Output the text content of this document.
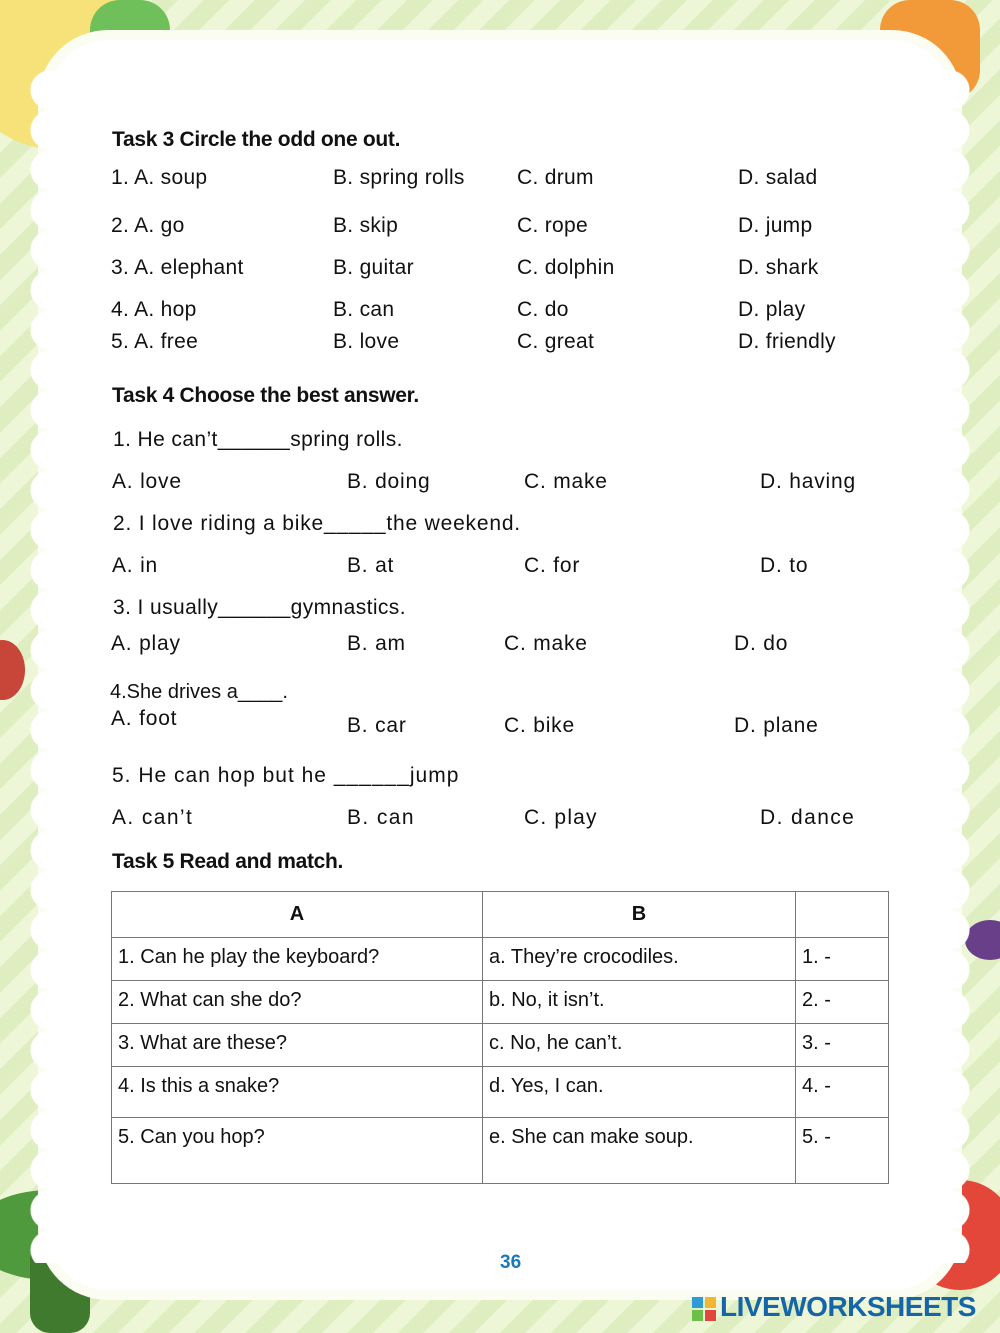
Task 3 Circle the odd one out.
1. A. soup	B. spring rolls C. drum	D. salad
2. A. go	B. skip	C. rope	D. jump
3. A. elephant	B. guitar	C. dolphin	D. shark
4. A. hop	B. can	C. do	D. play
5. A. free	B. love	C. great	D. friendly
Task 4 Choose the best answer.
1. He can’t______spring rolls.
A. love	B. doing	C. make	D. having
2. I love riding a bike_____the weekend.
A. in	B. at	C. for	D. to
3. I usually______gymnastics.
A. play	B. am	C. make	D. do
4.She drives a____.
A. foot	B. car	C. bike	D. plane
5. He can hop but he ______jump
A. can’t	B. can	C. play	D. dance
Task 5 Read and match.
A	B	
1. Can he play the keyboard?	a. They’re crocodiles.	1. -
2. What can she do?	b. No, it isn’t.	2. -
3. What are these?	c. No, he can’t.	3. -
4. Is this a snake?	d. Yes, I can.	4. -
5. Can you hop?	e. She can make soup.	5. -
36
LIVEWORKSHEETS
